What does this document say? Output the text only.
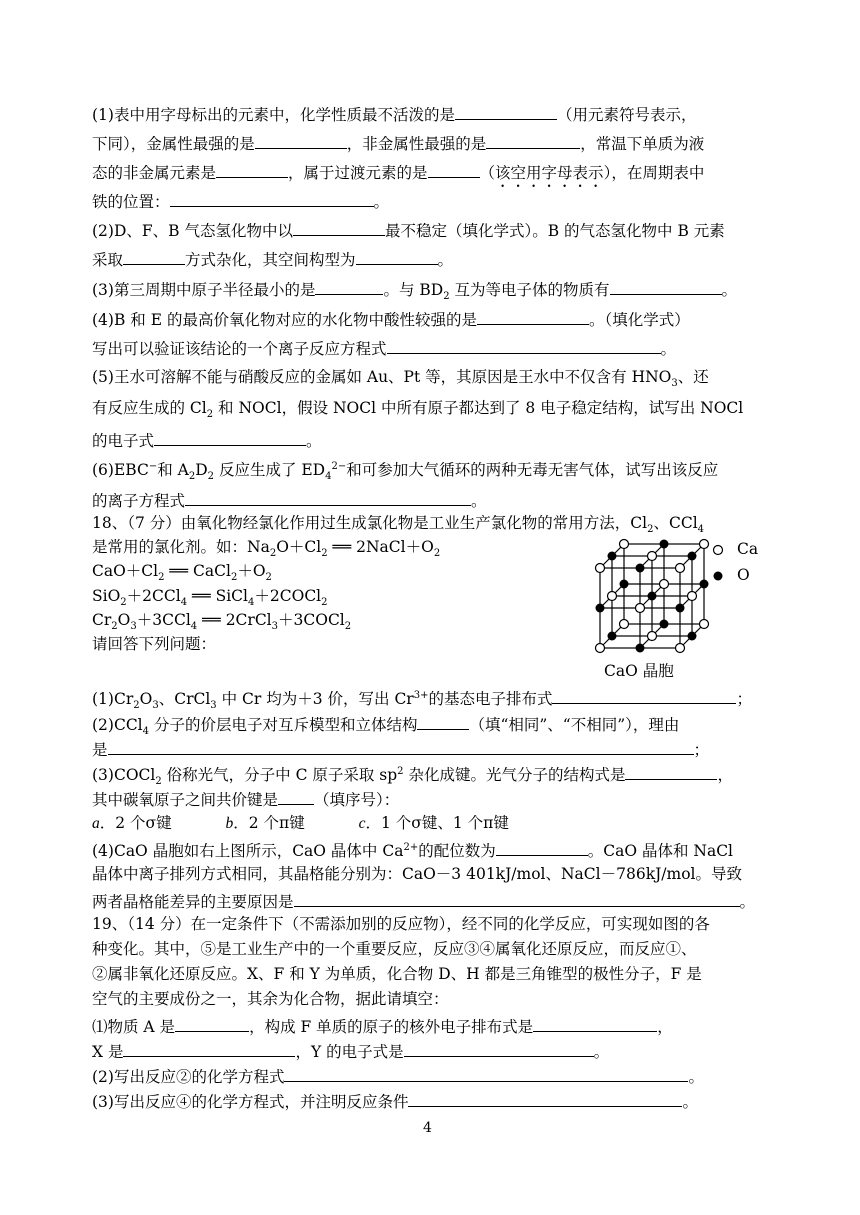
(1)表中用字母标出的元素中，化学性质最不活泼的是	（用元素符号表示，
下同），金属性最强的是	，非金属性最强的是	，常温下单质为液
态的非金属元素是	，属于过渡元素的是	（该空用字母表示），在周期表中
铁的位置：	。
(2)D、F、B 气态氢化物中以	最不稳定（填化学式）。B 的气态氢化物中 B 元素
采取	方式杂化，其空间构型为	。
(3)第三周期中原子半径最小的是	。与 $BD_2$ 互为等电子体的物质有	。
(4)B 和 E 的最高价氧化物对应的水化物中酸性较强的是	。（填化学式）
写出可以验证该结论的一个离子反应方程式	。
(5)王水可溶解不能与硝酸反应的金属如 Au、Pt 等，其原因是王水中不仅含有 $HNO_3$、还
有反应生成的 $Cl_2$ 和 NOCl，假设 NOCl 中所有原子都达到了 8 电子稳定结构，试写出 NOCl
的电子式	。
(6)EBC−和 $A_2D_2$ 反应生成了 $ED_4^{2-}$和可参加大气循环的两种无毒无害气体，试写出该反应
的离子方程式	。
18、（7 分）由氧化物经氯化作用过生成氯化物是工业生产氯化物的常用方法，$Cl_2$、CCl$_4$
是常用的氯化剂。如：$Na_2O+Cl_2$ ══ $2NaCl+O_2$
$CaO+Cl_2$ ══ $CaCl_2+O_2$
SiO$_2$＋2CCl$_4$ ══ SiCl$_4$＋2COCl$_2$
$Cr_2O_3+3CCl_4$ ══ 2CrCl$_3$＋3COCl$_2$
请回答下列问题：
Ca
O
CaO 晶胞
$(1)Cr_2O_3$、CrCl$_3$ 中 Cr 均为＋3 价，写出 $Cr^{3+}$的基态电子排布式	；
(2)CCl$_4$ 分子的价层电子对互斥模型和立体结构	（填“相同”、“不相同”），理由
是	；
(3)COCl$_2$ 俗称光气，分子中 C 原子采取 $sp^2$ 杂化成键。光气分子的结构式是	，
其中碳氧原子之间共价键是 （填序号）：
a．2 个σ键	b．2 个π键	c．1 个σ键、1 个π键
(4)CaO 晶胞如右上图所示，CaO 晶体中 $Ca^{2+}$的配位数为	。CaO 晶体和 NaCl
晶体中离子排列方式相同，其晶格能分别为：CaO－3 401kJ/mol、NaCl－786kJ/mol。导致
两者晶格能差异的主要原因是	。
19、（14 分）在一定条件下（不需添加别的反应物），经不同的化学反应，可实现如图的各
种变化。其中，⑤是工业生产中的一个重要反应，反应③④属氧化还原反应，而反应①、
②属非氧化还原反应。X、F 和 Y 为单质，化合物 D、H 都是三角锥型的极性分子，F 是
空气的主要成份之一，其余为化合物，据此请填空：
⑴物质 A 是	，构成 F 单质的原子的核外电子排布式是	，
X 是	，Y 的电子式是	。
(2)写出反应②的化学方程式	。
(3)写出反应④的化学方程式，并注明反应条件	。
4
